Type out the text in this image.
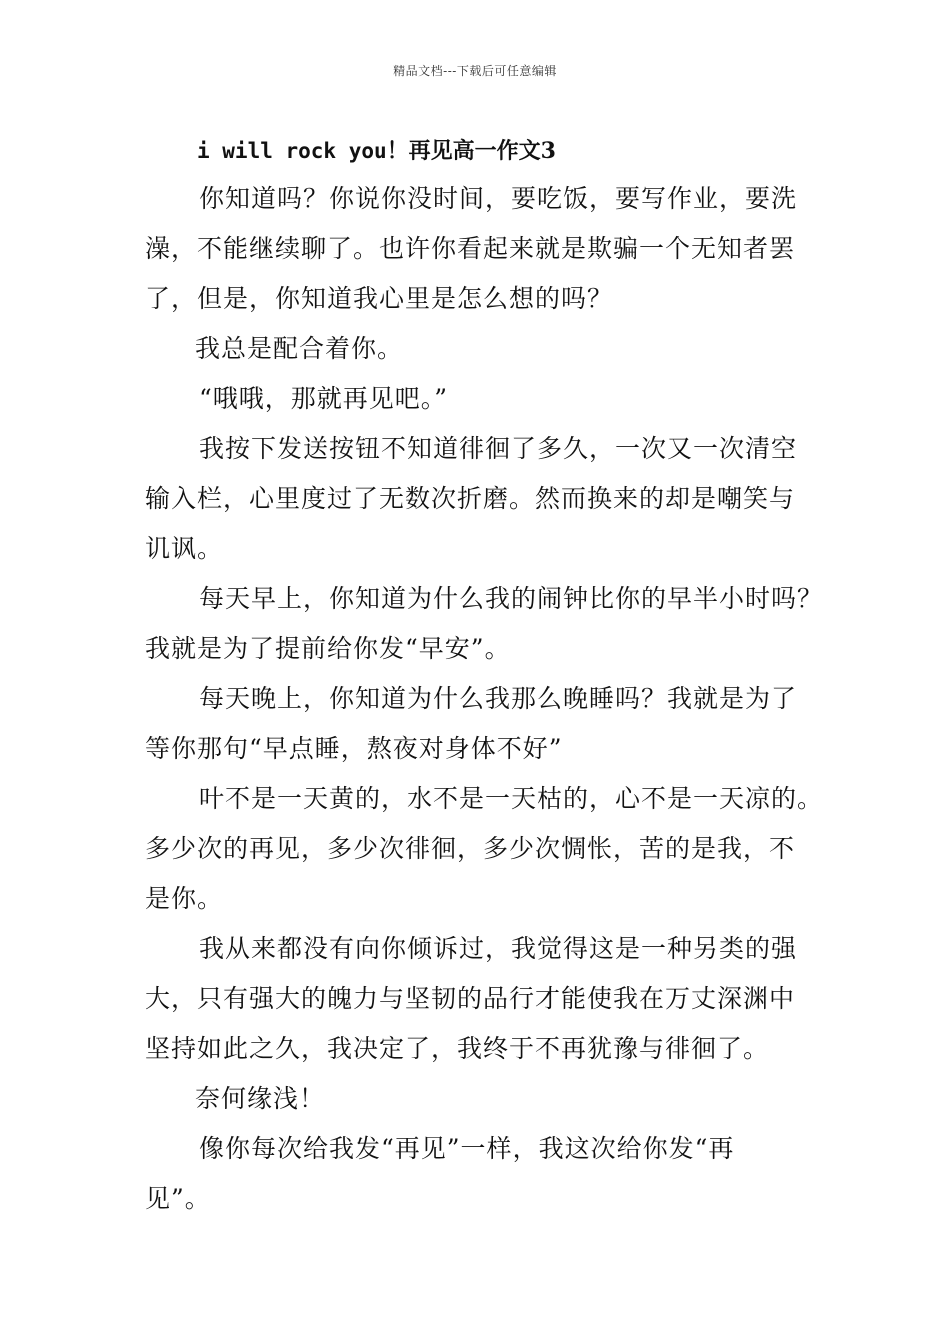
精品文档---下载后可任意编辑
i will rock you！再见高一作文3

你知道吗？你说你没时间，要吃饭，要写作业，要洗
澡，不能继续聊了。也许你看起来就是欺骗一个无知者罢
了，但是，你知道我心里是怎么想的吗？

我总是配合着你。

“哦哦，那就再见吧。”

我按下发送按钮不知道徘徊了多久，一次又一次清空
输入栏，心里度过了无数次折磨。然而换来的却是嘲笑与
讥讽。

每天早上，你知道为什么我的闹钟比你的早半小时吗？
我就是为了提前给你发“早安”。

每天晚上，你知道为什么我那么晚睡吗？我就是为了
等你那句“早点睡，熬夜对身体不好”

叶不是一天黄的，水不是一天枯的，心不是一天凉的。
多少次的再见，多少次徘徊，多少次惆怅，苦的是我，不
是你。

我从来都没有向你倾诉过，我觉得这是一种另类的强
大，只有强大的魄力与坚韧的品行才能使我在万丈深渊中
坚持如此之久，我决定了，我终于不再犹豫与徘徊了。

奈何缘浅！

像你每次给我发“再见”一样，我这次给你发“再
见”。
